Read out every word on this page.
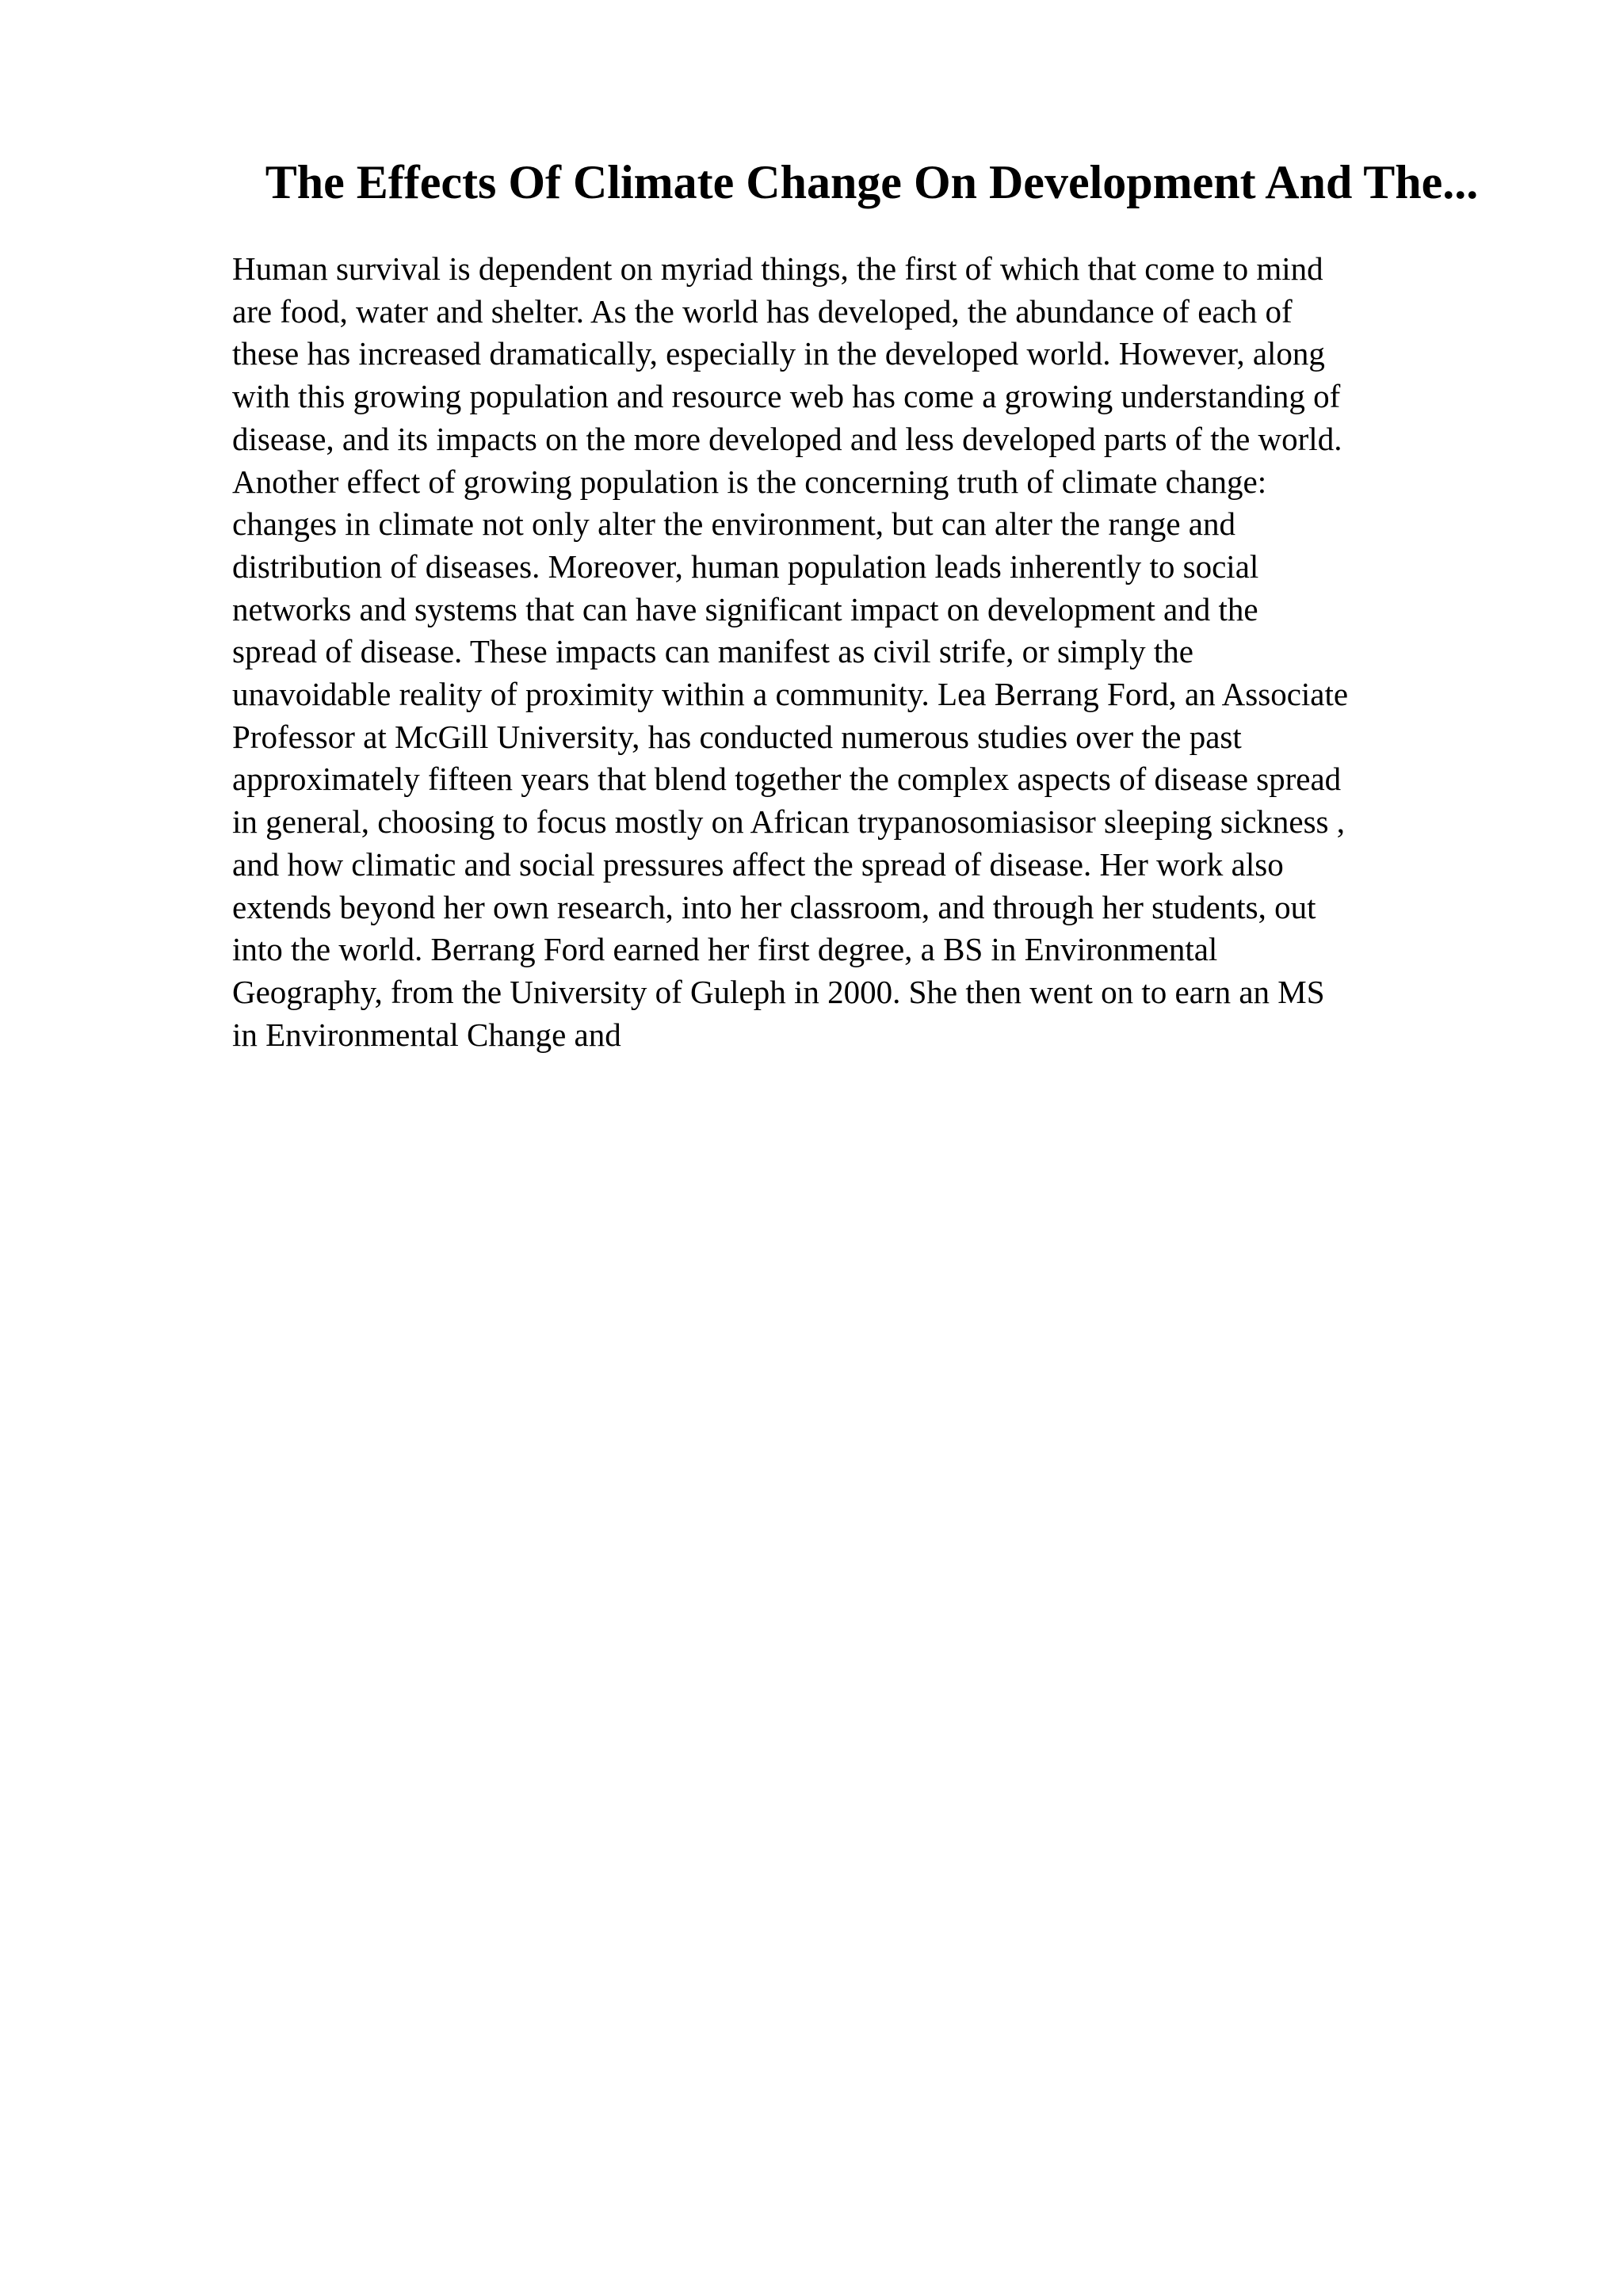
The Effects Of Climate Change On Development And The...

Human survival is dependent on myriad things, the first of which that come to mind
are food, water and shelter. As the world has developed, the abundance of each of
these has increased dramatically, especially in the developed world. However, along
with this growing population and resource web has come a growing understanding of
disease, and its impacts on the more developed and less developed parts of the world.
Another effect of growing population is the concerning truth of climate change:
changes in climate not only alter the environment, but can alter the range and
distribution of diseases. Moreover, human population leads inherently to social
networks and systems that can have significant impact on development and the
spread of disease. These impacts can manifest as civil strife, or simply the
unavoidable reality of proximity within a community. Lea Berrang Ford, an Associate
Professor at McGill University, has conducted numerous studies over the past
approximately fifteen years that blend together the complex aspects of disease spread
in general, choosing to focus mostly on African trypanosomiasisor sleeping sickness ,
and how climatic and social pressures affect the spread of disease. Her work also
extends beyond her own research, into her classroom, and through her students, out
into the world. Berrang Ford earned her first degree, a BS in Environmental
Geography, from the University of Guleph in 2000. She then went on to earn an MS
in Environmental Change and
